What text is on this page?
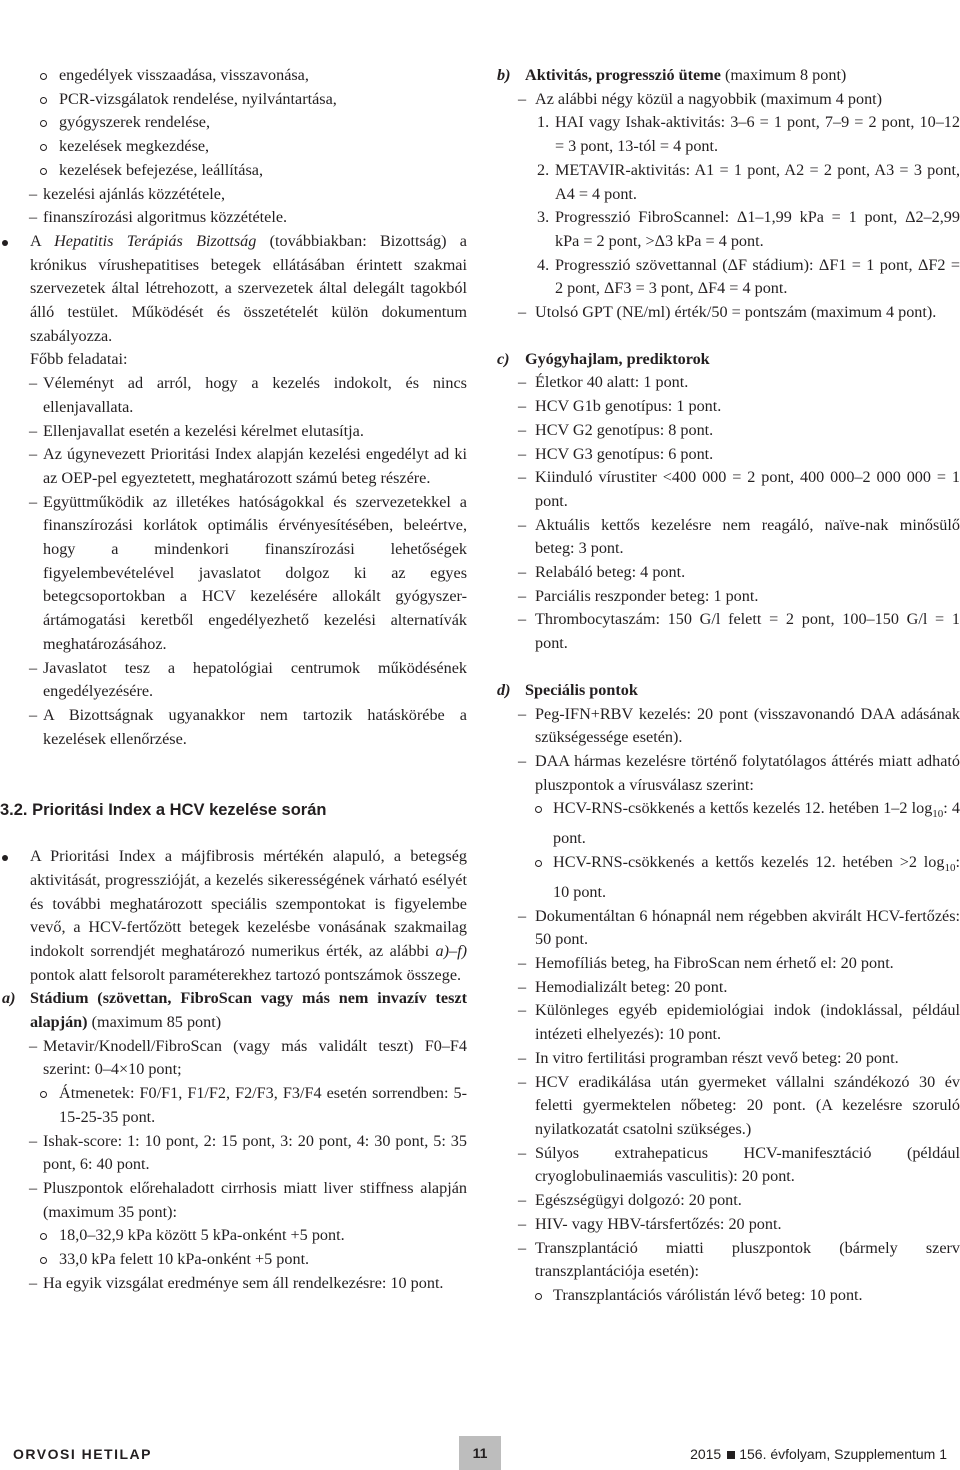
engedélyek visszaadása, visszavonása,
PCR-vizsgálatok rendelése, nyilvántartása,
gyógyszerek rendelése,
kezelések megkezdése,
kezelések befejezése, leállítása,
– kezelési ajánlás közzététele,
– finanszírozási algoritmus közzététele.
A Hepatitis Terápiás Bizottság (továbbiakban: Bizottság) a krónikus vírushepatitises betegek ellátásában érintett szakmai szervezetek által létrehozott, a szervezetek által delegált tagokból álló testület. Működését és összetételét külön dokumentum szabályozza.
Főbb feladatai:
– Véleményt ad arról, hogy a kezelés indokolt, és nincs ellenjavallata.
– Ellenjavallat esetén a kezelési kérelmet elutasítja.
– Az úgynevezett Prioritási Index alapján kezelési engedélyt ad ki az OEP-pel egyeztetett, meghatározott számú beteg részére.
– Együttműködik az illetékes hatóságokkal és szervezetekkel a finanszírozási korlátok optimális érvényesítésében, beleértve, hogy a mindenkori finanszírozási lehetőségek figyelembevételével javaslatot dolgoz ki az egyes betegcsoportokban a HCV kezelésére allokált gyógyszer-ártámogatási keretből engedélyezhető kezelési alternatívák meghatározásához.
– Javaslatot tesz a hepatológiai centrumok működésének engedélyezésére.
– A Bizottságnak ugyanakkor nem tartozik hatáskörébe a kezelések ellenőrzése.
3.2. Prioritási Index a HCV kezelése során
A Prioritási Index a májfibrosis mértékén alapuló, a betegség aktivitását, progresszióját, a kezelés sikerességének várható esélyét és további meghatározott speciális szempontokat is figyelembe vevő, a HCV-fertőzött betegek kezelésbe vonásának szakmailag indokolt sorrendjét meghatározó numerikus érték, az alábbi a)–f) pontok alatt felsorolt paraméterekhez tartozó pontszámok összege.
a) Stádium (szövettan, FibroScan vagy más nem invazív teszt alapján) (maximum 85 pont)
– Metavir/Knodell/FibroScan (vagy más validált teszt) F0–F4 szerint: 0–4×10 pont;
Átmenetek: F0/F1, F1/F2, F2/F3, F3/F4 esetén sorrendben: 5-15-25-35 pont.
– Ishak-score: 1: 10 pont, 2: 15 pont, 3: 20 pont, 4: 30 pont, 5: 35 pont, 6: 40 pont.
– Pluszpontok előrehaladott cirrhosis miatt liver stiffness alapján (maximum 35 pont):
18,0–32,9 kPa között 5 kPa-onként +5 pont.
33,0 kPa felett 10 kPa-onként +5 pont.
– Ha egyik vizsgálat eredménye sem áll rendelkezésre: 10 pont.
b) Aktivitás, progresszió üteme (maximum 8 pont)
– Az alábbi négy közül a nagyobbik (maximum 4 pont)
1. HAI vagy Ishak-aktivitás: 3–6 = 1 pont, 7–9 = 2 pont, 10–12 = 3 pont, 13-tól = 4 pont.
2. METAVIR-aktivitás: A1 = 1 pont, A2 = 2 pont, A3 = 3 pont, A4 = 4 pont.
3. Progresszió FibroScannel: Δ1–1,99 kPa = 1 pont, Δ2–2,99 kPa = 2 pont, >Δ3 kPa = 4 pont.
4. Progresszió szövettannal (ΔF stádium): ΔF1 = 1 pont, ΔF2 = 2 pont, ΔF3 = 3 pont, ΔF4 = 4 pont.
– Utolsó GPT (NE/ml) érték/50 = pontszám (maximum 4 pont).
c) Gyógyhajlam, prediktorok
– Életkor 40 alatt: 1 pont.
– HCV G1b genotípus: 1 pont.
– HCV G2 genotípus: 8 pont.
– HCV G3 genotípus: 6 pont.
– Kiinduló vírustiter <400 000 = 2 pont, 400 000–2 000 000 = 1 pont.
– Aktuális kettős kezelésre nem reagáló, naïve-nak minősülő beteg: 3 pont.
– Relabáló beteg: 4 pont.
– Parciális reszponder beteg: 1 pont.
– Thrombocytaszám: 150 G/l felett = 2 pont, 100–150 G/l = 1 pont.
d) Speciális pontok
– Peg-IFN+RBV kezelés: 20 pont (visszavonandó DAA adásának szükségessége esetén).
– DAA hármas kezelésre történő folytatólagos áttérés miatt adható pluszpontok a vírusválasz szerint:
HCV-RNS-csökkenés a kettős kezelés 12. hetében 1–2 $\log_{10}$: 4 pont.
HCV-RNS-csökkenés a kettős kezelés 12. hetében >2 $\log_{10}$: 10 pont.
– Dokumentáltan 6 hónapnál nem régebben akvirált HCV-fertőzés: 50 pont.
– Hemofíliás beteg, ha FibroScan nem érhető el: 20 pont.
– Hemodializált beteg: 20 pont.
– Különleges egyéb epidemiológiai indok (indoklással, például intézeti elhelyezés): 10 pont.
– In vitro fertilitási programban részt vevő beteg: 20 pont.
– HCV eradikálása után gyermeket vállalni szándékozó 30 év feletti gyermektelen nőbeteg: 20 pont. (A kezelésre szoruló nyilatkozatát csatolni szükséges.)
– Súlyos extrahepaticus HCV-manifesztáció (például cryoglobulinaemiás vasculitis): 20 pont.
– Egészségügyi dolgozó: 20 pont.
– HIV- vagy HBV-társfertőzés: 20 pont.
– Transzplantáció miatti pluszpontok (bármely szerv transzplantációja esetén):
Transzplantációs várólistán lévő beteg: 10 pont.
ORVOSI HETILAP	11	2015 156. évfolyam, Szupplementum 1
